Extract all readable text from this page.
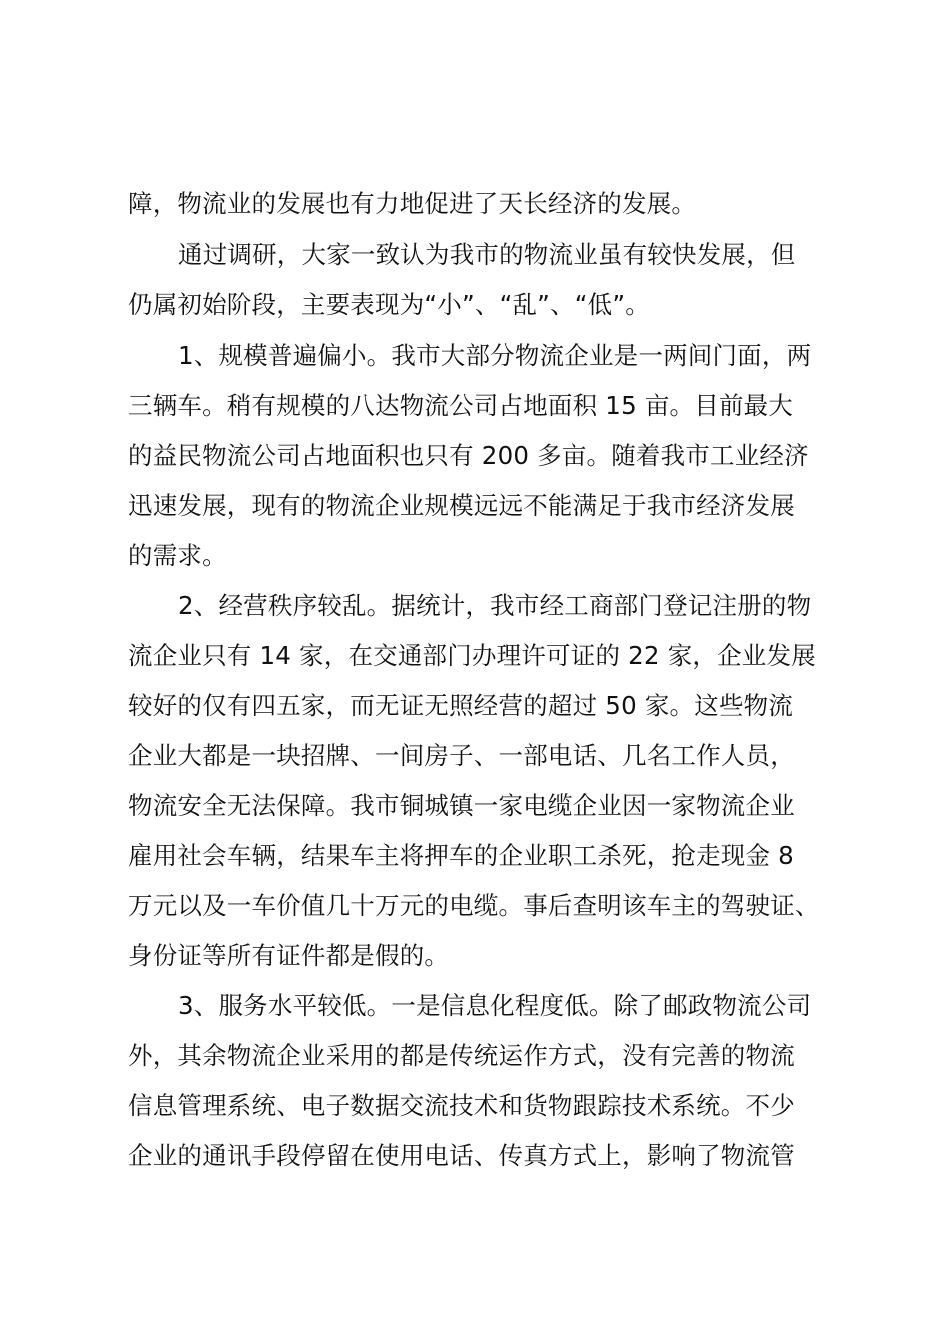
障，物流业的发展也有力地促进了天长经济的发展。
通过调研，大家一致认为我市的物流业虽有较快发展，但
仍属初始阶段，主要表现为“小”、“乱”、“低”。
1、规模普遍偏小。我市大部分物流企业是一两间门面，两
三辆车。稍有规模的八达物流公司占地面积 15 亩。目前最大
的益民物流公司占地面积也只有 200 多亩。随着我市工业经济
迅速发展，现有的物流企业规模远远不能满足于我市经济发展
的需求。
2、经营秩序较乱。据统计，我市经工商部门登记注册的物
流企业只有 14 家，在交通部门办理许可证的 22 家，企业发展
较好的仅有四五家，而无证无照经营的超过 50 家。这些物流
企业大都是一块招牌、一间房子、一部电话、几名工作人员，
物流安全无法保障。我市铜城镇一家电缆企业因一家物流企业
雇用社会车辆，结果车主将押车的企业职工杀死，抢走现金 8
万元以及一车价值几十万元的电缆。事后查明该车主的驾驶证、
身份证等所有证件都是假的。
3、服务水平较低。一是信息化程度低。除了邮政物流公司
外，其余物流企业采用的都是传统运作方式，没有完善的物流
信息管理系统、电子数据交流技术和货物跟踪技术系统。不少
企业的通讯手段停留在使用电话、传真方式上，影响了物流管
